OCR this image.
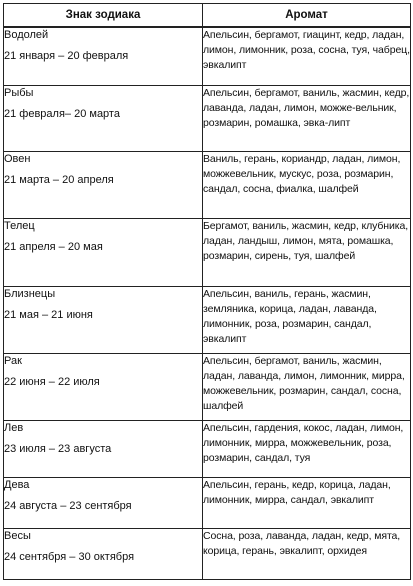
Знак зодиака	Аромат

Водолей
21 января – 20 февраля	Апельсин, бергамот, гиацинт, кедр, ладан, лимон, лимонник, роза, сосна, туя, чабрец, эвкалипт

Рыбы
21 февраля– 20 марта	Апельсин, бергамот, ваниль, жасмин, кедр, лаванда, ладан, лимон, можже-вельник, розмарин, ромашка, эвка-липт

Овен
21 марта – 20 апреля	Ваниль, герань, кориандр, ладан, лимон, можжевельник, мускус, роза, розмарин, сандал, сосна, фиалка, шалфей

Телец
21 апреля – 20 мая	Бергамот, ваниль, жасмин, кедр, клубника, ладан, ландыш, лимон, мята, ромашка, розмарин, сирень, туя, шалфей

Близнецы
21 мая – 21 июня	Апельсин, ваниль, герань, жасмин, земляника, корица, ладан, лаванда, лимонник, роза, розмарин, сандал, эвкалипт

Рак
22 июня – 22 июля	Апельсин, бергамот, ваниль, жасмин, ладан, лаванда, лимон, лимонник, мирра, можжевельник, розмарин, сандал, сосна, шалфей

Лев
23 июля – 23 августа	Апельсин, гардения, кокос, ладан, лимон, лимонник, мирра, можжевельник, роза, розмарин, сандал, туя

Дева
24 августа – 23 сентября	Апельсин, герань, кедр, корица, ладан, лимонник, мирра, сандал, эвкалипт

Весы
24 сентября – 30 октября	Сосна, роза, лаванда, ладан, кедр, мята, корица, герань, эвкалипт, орхидея
